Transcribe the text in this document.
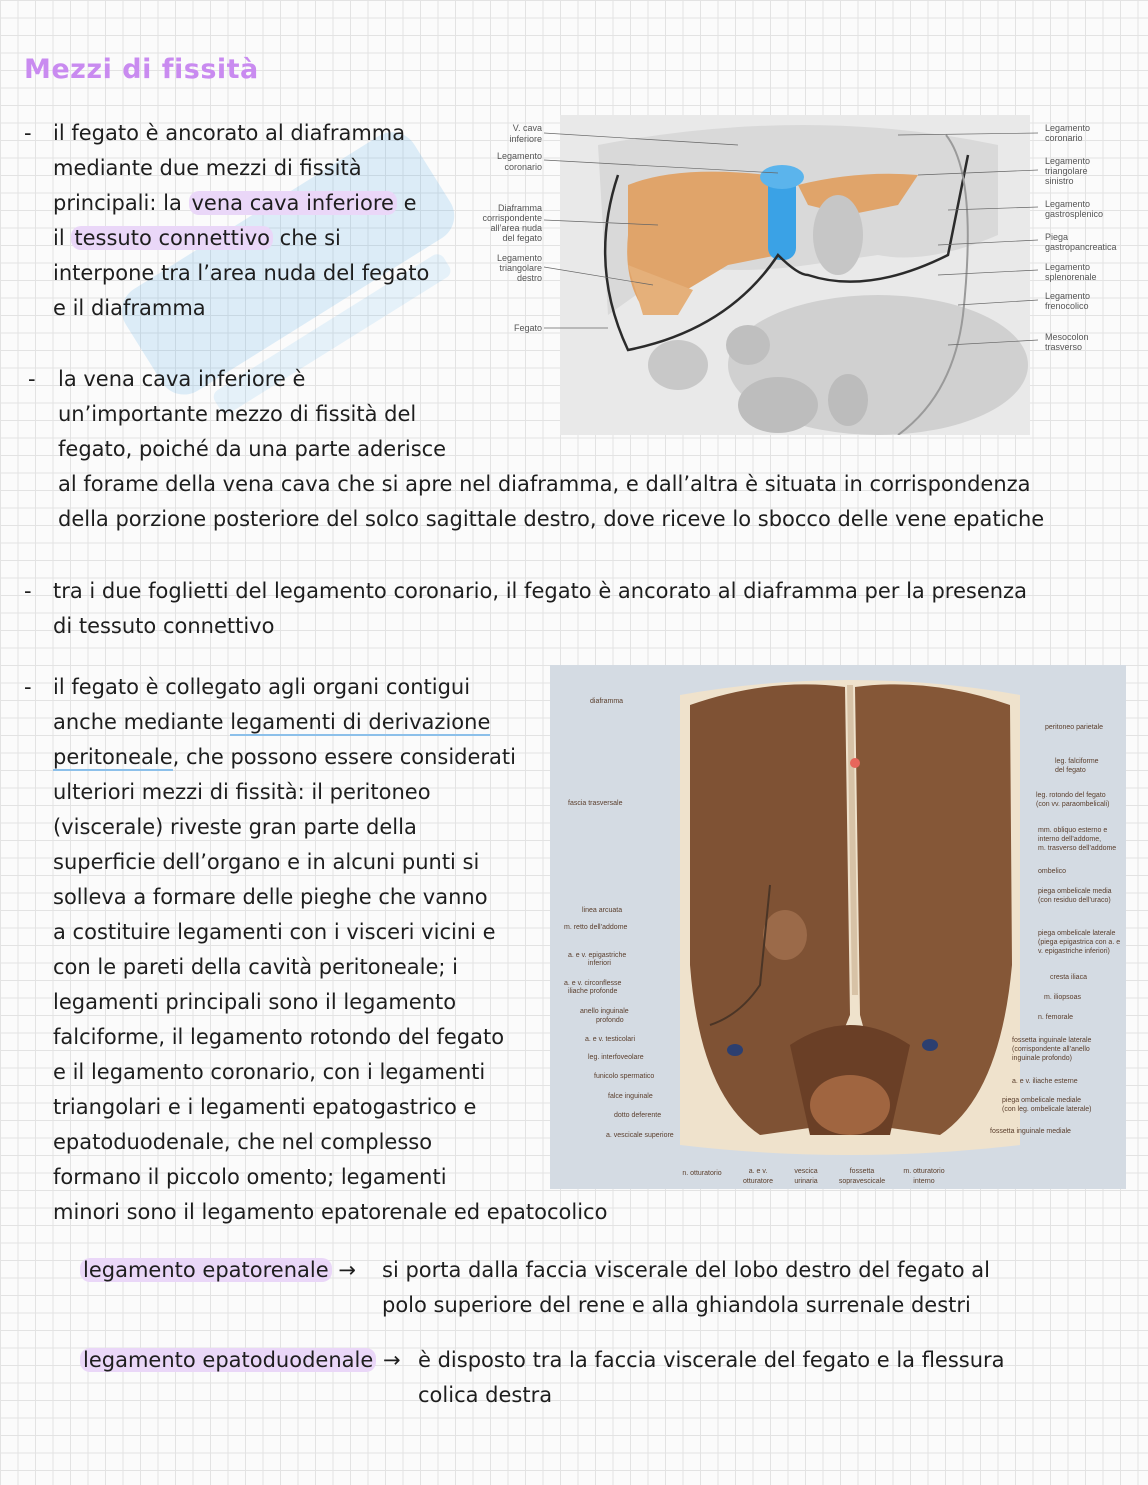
Mezzi di fissità
- il fegato è ancorato al diaframma

mediante due mezzi di fissità

principali: la vena cava inferiore e

il tessuto connettivo che si

interpone tra l’area nuda del fegato

e il diaframma

V. cava
inferiore
Legamento
coronario
Diaframma
corrispondente
all’area nuda
del fegato
Legamento
triangolare
destro
Fegato
Legamento
coronario
Legamento
triangolare
sinistro
Legamento
gastrosplenico
Piega
gastropancreatica
Legamento
splenorenale
Legamento
frenocolico
Mesocolon
trasverso
- la vena cava inferiore è

un’importante mezzo di fissità del

fegato, poiché da una parte aderisce

al forame della vena cava che si apre nel diaframma, e dall’altra è situata in corrispondenza

della porzione posteriore del solco sagittale destro, dove riceve lo sbocco delle vene epatiche

- tra i due foglietti del legamento coronario, il fegato è ancorato al diaframma per la presenza

di tessuto connettivo

- il fegato è collegato agli organi contigui

anche mediante legamenti di derivazione

peritoneale, che possono essere considerati

ulteriori mezzi di fissità: il peritoneo

(viscerale) riveste gran parte della

superficie dell’organo e in alcuni punti si

solleva a formare delle pieghe che vanno

a costituire legamenti con i visceri vicini e

con le pareti della cavità peritoneale; i

legamenti principali sono il legamento

falciforme, il legamento rotondo del fegato

e il legamento coronario, con i legamenti

triangolari e i legamenti epatogastrico e

epatoduodenale, che nel complesso

formano il piccolo omento; legamenti

minori sono il legamento epatorenale ed epatocolico

diaframma
fascia trasversale
linea arcuata
m. retto dell’addome
a. e v. epigastriche
inferiori
a. e v. circonflesse
iliache profonde
anello inguinale
profondo
a. e v. testicolari
leg. interfoveolare
funicolo spermatico
falce inguinale
dotto deferente
a. vescicale superiore
peritoneo parietale
leg. falciforme
del fegato
leg. rotondo del fegato
(con vv. paraombelicali)
mm. obliquo esterno e
interno dell’addome,
m. trasverso dell’addome
ombelico
piega ombelicale media
(con residuo dell’uraco)
piega ombelicale laterale
(piega epigastrica con a. e
v. epigastriche inferiori)
cresta iliaca
m. iliopsoas
n. femorale
fossetta inguinale laterale
(corrispondente all’anello
inguinale profondo)
a. e v. iliache esterne
piega ombelicale mediale
(con leg. ombelicale laterale)
fossetta inguinale mediale
n. otturatorio	a. e v.
otturatore
vescica
urinaria
fossetta
sopravescicale
m. otturatorio
interno
legamento epatorenale → si porta dalla faccia viscerale del lobo destro del fegato al
polo superiore del rene e alla ghiandola surrenale destri
legamento epatoduodenale → è disposto tra la faccia viscerale del fegato e la flessura
colica destra
